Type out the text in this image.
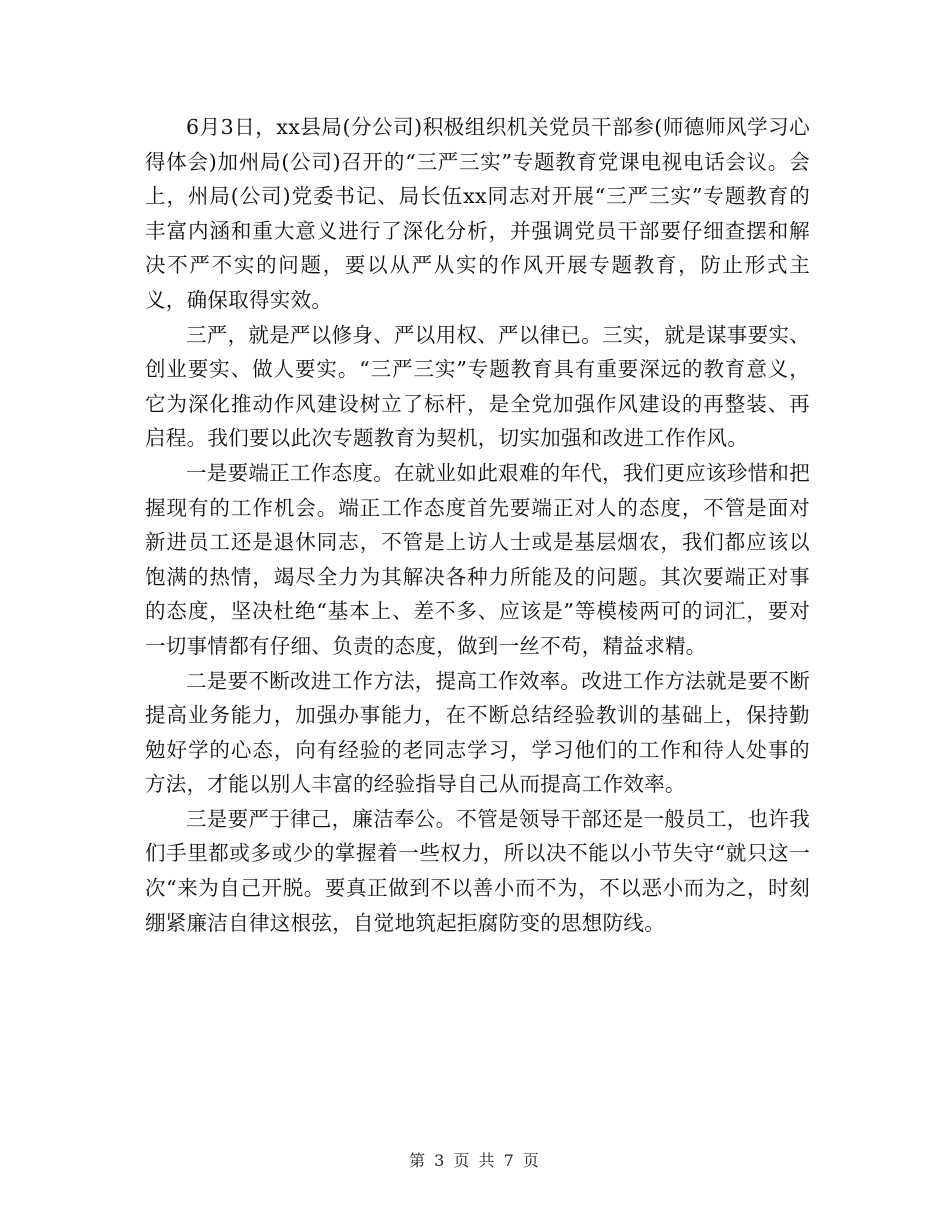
6月3日，xx县局(分公司)积极组织机关党员干部参(师德师风学习心得体会)加州局(公司)召开的“三严三实”专题教育党课电视电话会议。会上，州局(公司)党委书记、局长伍xx同志对开展“三严三实”专题教育的丰富内涵和重大意义进行了深化分析，并强调党员干部要仔细查摆和解决不严不实的问题，要以从严从实的作风开展专题教育，防止形式主义，确保取得实效。

三严，就是严以修身、严以用权、严以律已。三实，就是谋事要实、创业要实、做人要实。“三严三实”专题教育具有重要深远的教育意义，它为深化推动作风建设树立了标杆，是全党加强作风建设的再整装、再启程。我们要以此次专题教育为契机，切实加强和改进工作作风。

一是要端正工作态度。在就业如此艰难的年代，我们更应该珍惜和把握现有的工作机会。端正工作态度首先要端正对人的态度，不管是面对新进员工还是退休同志，不管是上访人士或是基层烟农，我们都应该以饱满的热情，竭尽全力为其解决各种力所能及的问题。其次要端正对事的态度，坚决杜绝“基本上、差不多、应该是”等模棱两可的词汇，要对一切事情都有仔细、负责的态度，做到一丝不苟，精益求精。

二是要不断改进工作方法，提高工作效率。改进工作方法就是要不断提高业务能力，加强办事能力，在不断总结经验教训的基础上，保持勤勉好学的心态，向有经验的老同志学习，学习他们的工作和待人处事的方法，才能以别人丰富的经验指导自己从而提高工作效率。

三是要严于律己，廉洁奉公。不管是领导干部还是一般员工，也许我们手里都或多或少的掌握着一些权力，所以决不能以小节失守“就只这一次“来为自己开脱。要真正做到不以善小而不为，不以恶小而为之，时刻绷紧廉洁自律这根弦，自觉地筑起拒腐防变的思想防线。

第 3 页 共 7 页
